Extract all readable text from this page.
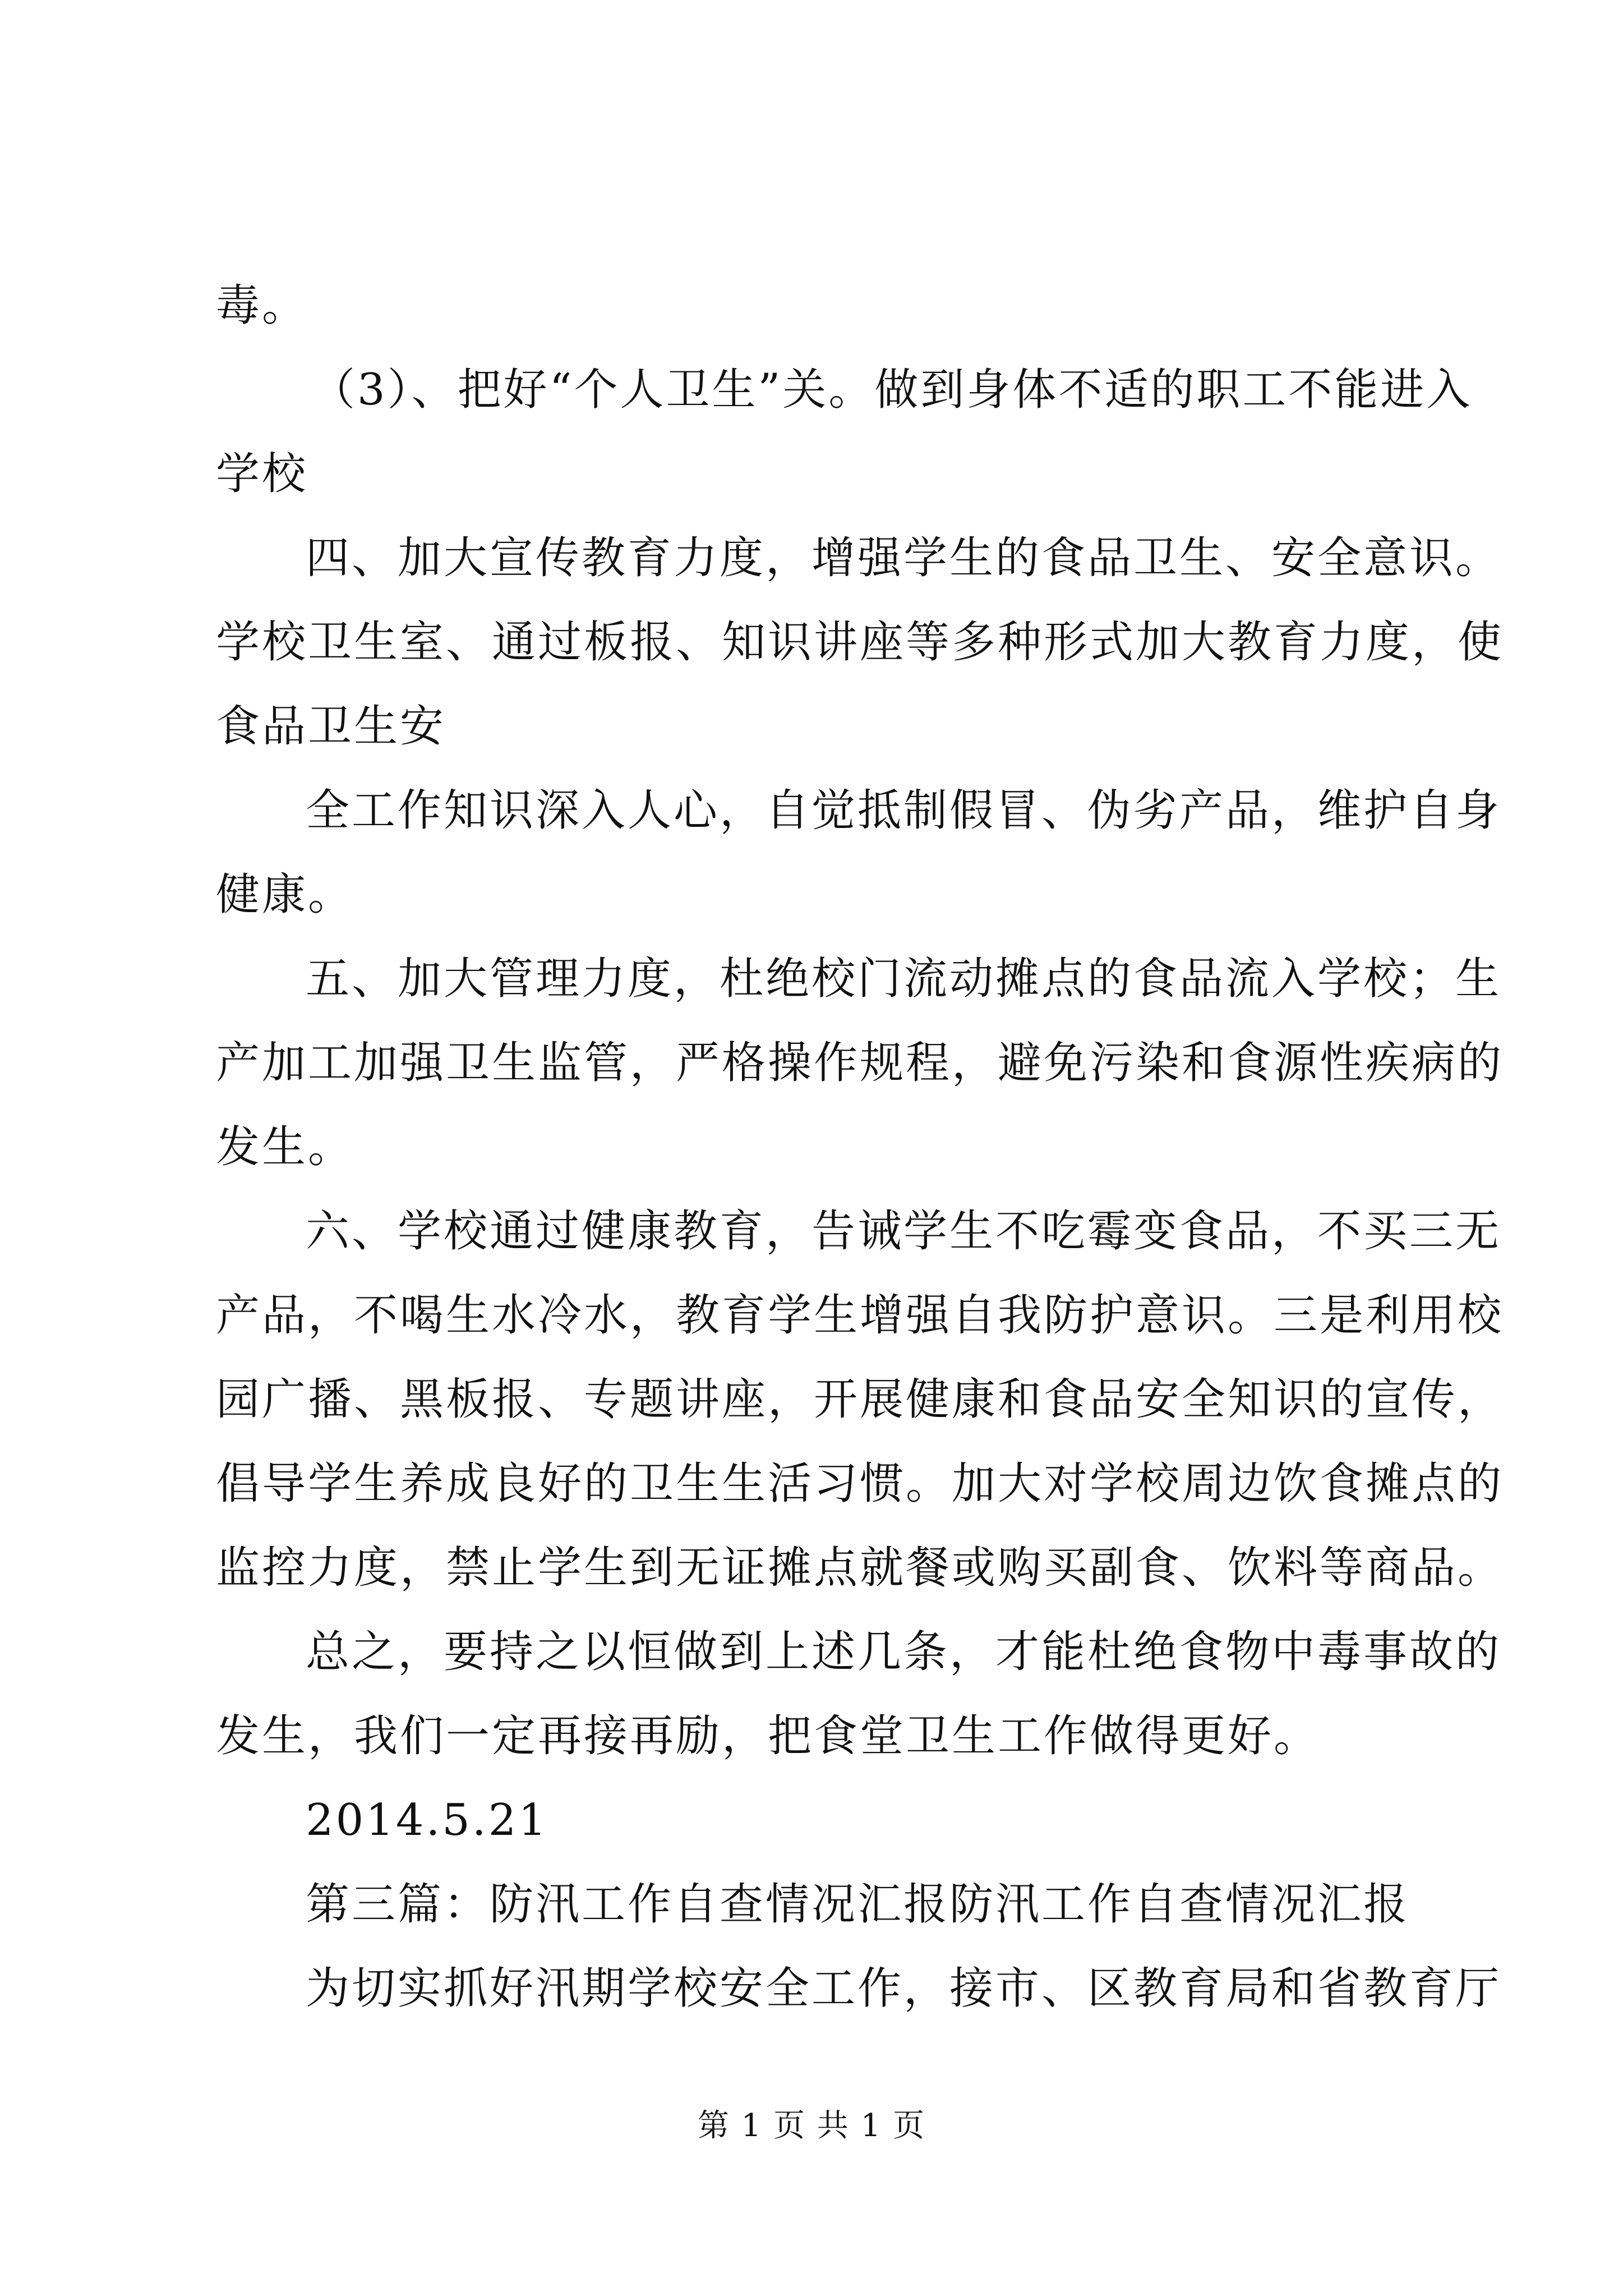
毒。
（3）、把好“个人卫生”关。做到身体不适的职工不能进入
学校
四、加大宣传教育力度，增强学生的食品卫生、安全意识。
学校卫生室、通过板报、知识讲座等多种形式加大教育力度，使
食品卫生安
全工作知识深入人心，自觉抵制假冒、伪劣产品，维护自身
健康。
五、加大管理力度，杜绝校门流动摊点的食品流入学校；生
产加工加强卫生监管，严格操作规程，避免污染和食源性疾病的
发生。
六、学校通过健康教育，告诫学生不吃霉变食品，不买三无
产品，不喝生水冷水，教育学生增强自我防护意识。三是利用校
园广播、黑板报、专题讲座，开展健康和食品安全知识的宣传，
倡导学生养成良好的卫生生活习惯。加大对学校周边饮食摊点的
监控力度，禁止学生到无证摊点就餐或购买副食、饮料等商品。
总之，要持之以恒做到上述几条，才能杜绝食物中毒事故的
发生，我们一定再接再励，把食堂卫生工作做得更好。
2014.5.21
第三篇：防汛工作自查情况汇报防汛工作自查情况汇报
为切实抓好汛期学校安全工作，接市、区教育局和省教育厅
第 1 页 共 1 页
